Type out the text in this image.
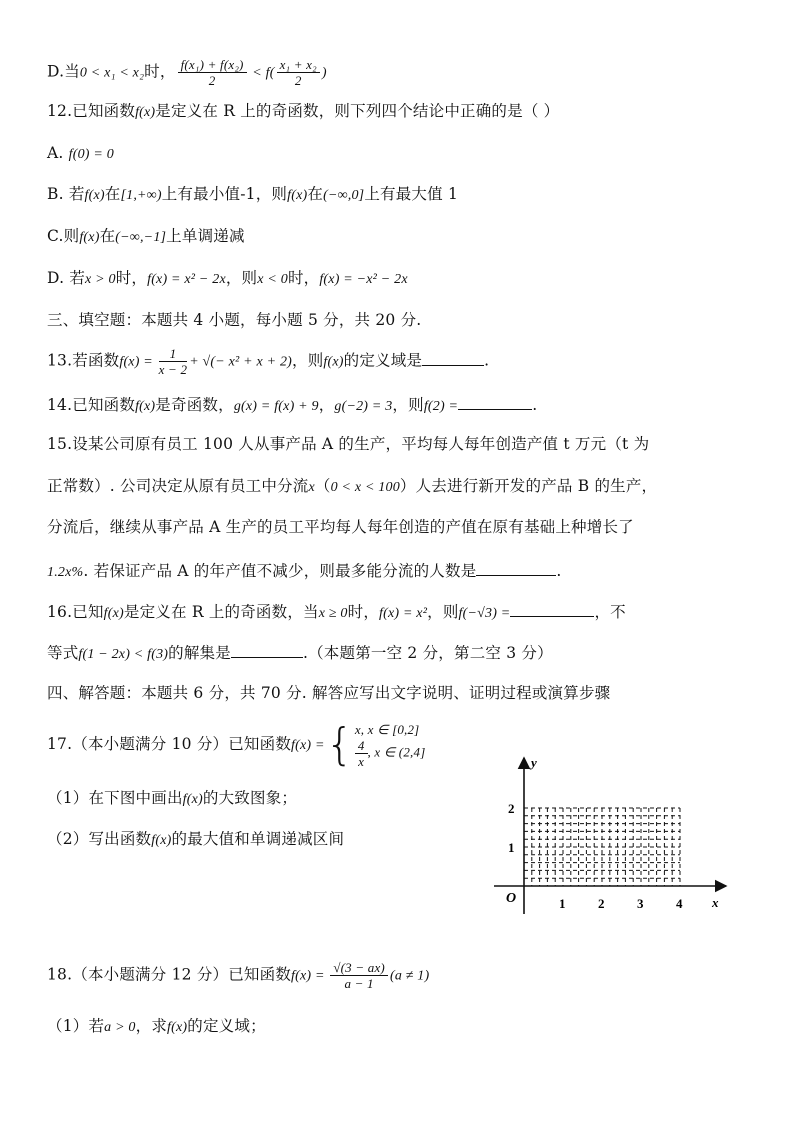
D.当0 < x₁ < x₂时， $\frac{\text{f(x₁) + f(x₂)}}{2} < f( \frac{\text{x₁ + x₂}}{2}$ )
12.已知函数f(x)是定义在 R 上的奇函数，则下列四个结论中正确的是（ ）
A. f(0) = 0
B. 若f(x)在[1,+∞)上有最小值-1，则f(x)在(−∞,0]上有最大值 1
C.则f(x)在(−∞,−1]上单调递减
D. 若x > 0时，f(x) = x² − 2x，则x < 0时，f(x) = −x² − 2x
三、填空题：本题共 4 小题，每小题 5 分，共 20 分.
13.若函数$f(x) = \frac{1}{x - 2}$ + √(− x² + x + 2)，则f(x)的定义域是	.
14.已知函数f(x)是奇函数，g(x) = f(x) + 9，g(−2) = 3，则f(2) =	.
15.设某公司原有员工 100 人从事产品 A 的生产，平均每人每年创造产值 t 万元（t 为
正常数）. 公司决定从原有员工中分流x（0 < x < 100）人去进行新开发的产品 B 的生产，
分流后，继续从事产品 A 生产的员工平均每人每年创造的产值在原有基础上种增长了
1.2x%. 若保证产品 A 的年产值不减少，则最多能分流的人数是	.
16.已知f(x)是定义在 R 上的奇函数，当x ≥ 0时，f(x) = x²，则f(−√3) =	，不
等式f(1 − 2x) < f(3)的解集是	.（本题第一空 2 分，第二空 3 分）
四、解答题：本题共 6 分，共 70 分. 解答应写出文字说明、证明过程或演算步骤
17.（本小题满分 10 分）已知函数f(x) ={ x, x ∈ [0,2]
$\frac{4}{x}$ , x ∈ (2,4]
（1）在下图中画出f(x)的大致图象；
（2）写出函数f(x)的最大值和单调递减区间
y
x
O	1	2	3	4
1
2
18.（本小题满分 12 分）已知函数$f(x) = \frac{√(3 - ax)}{a - 1} (a \ne 1)$
（1）若a > 0，求f(x)的定义域；
